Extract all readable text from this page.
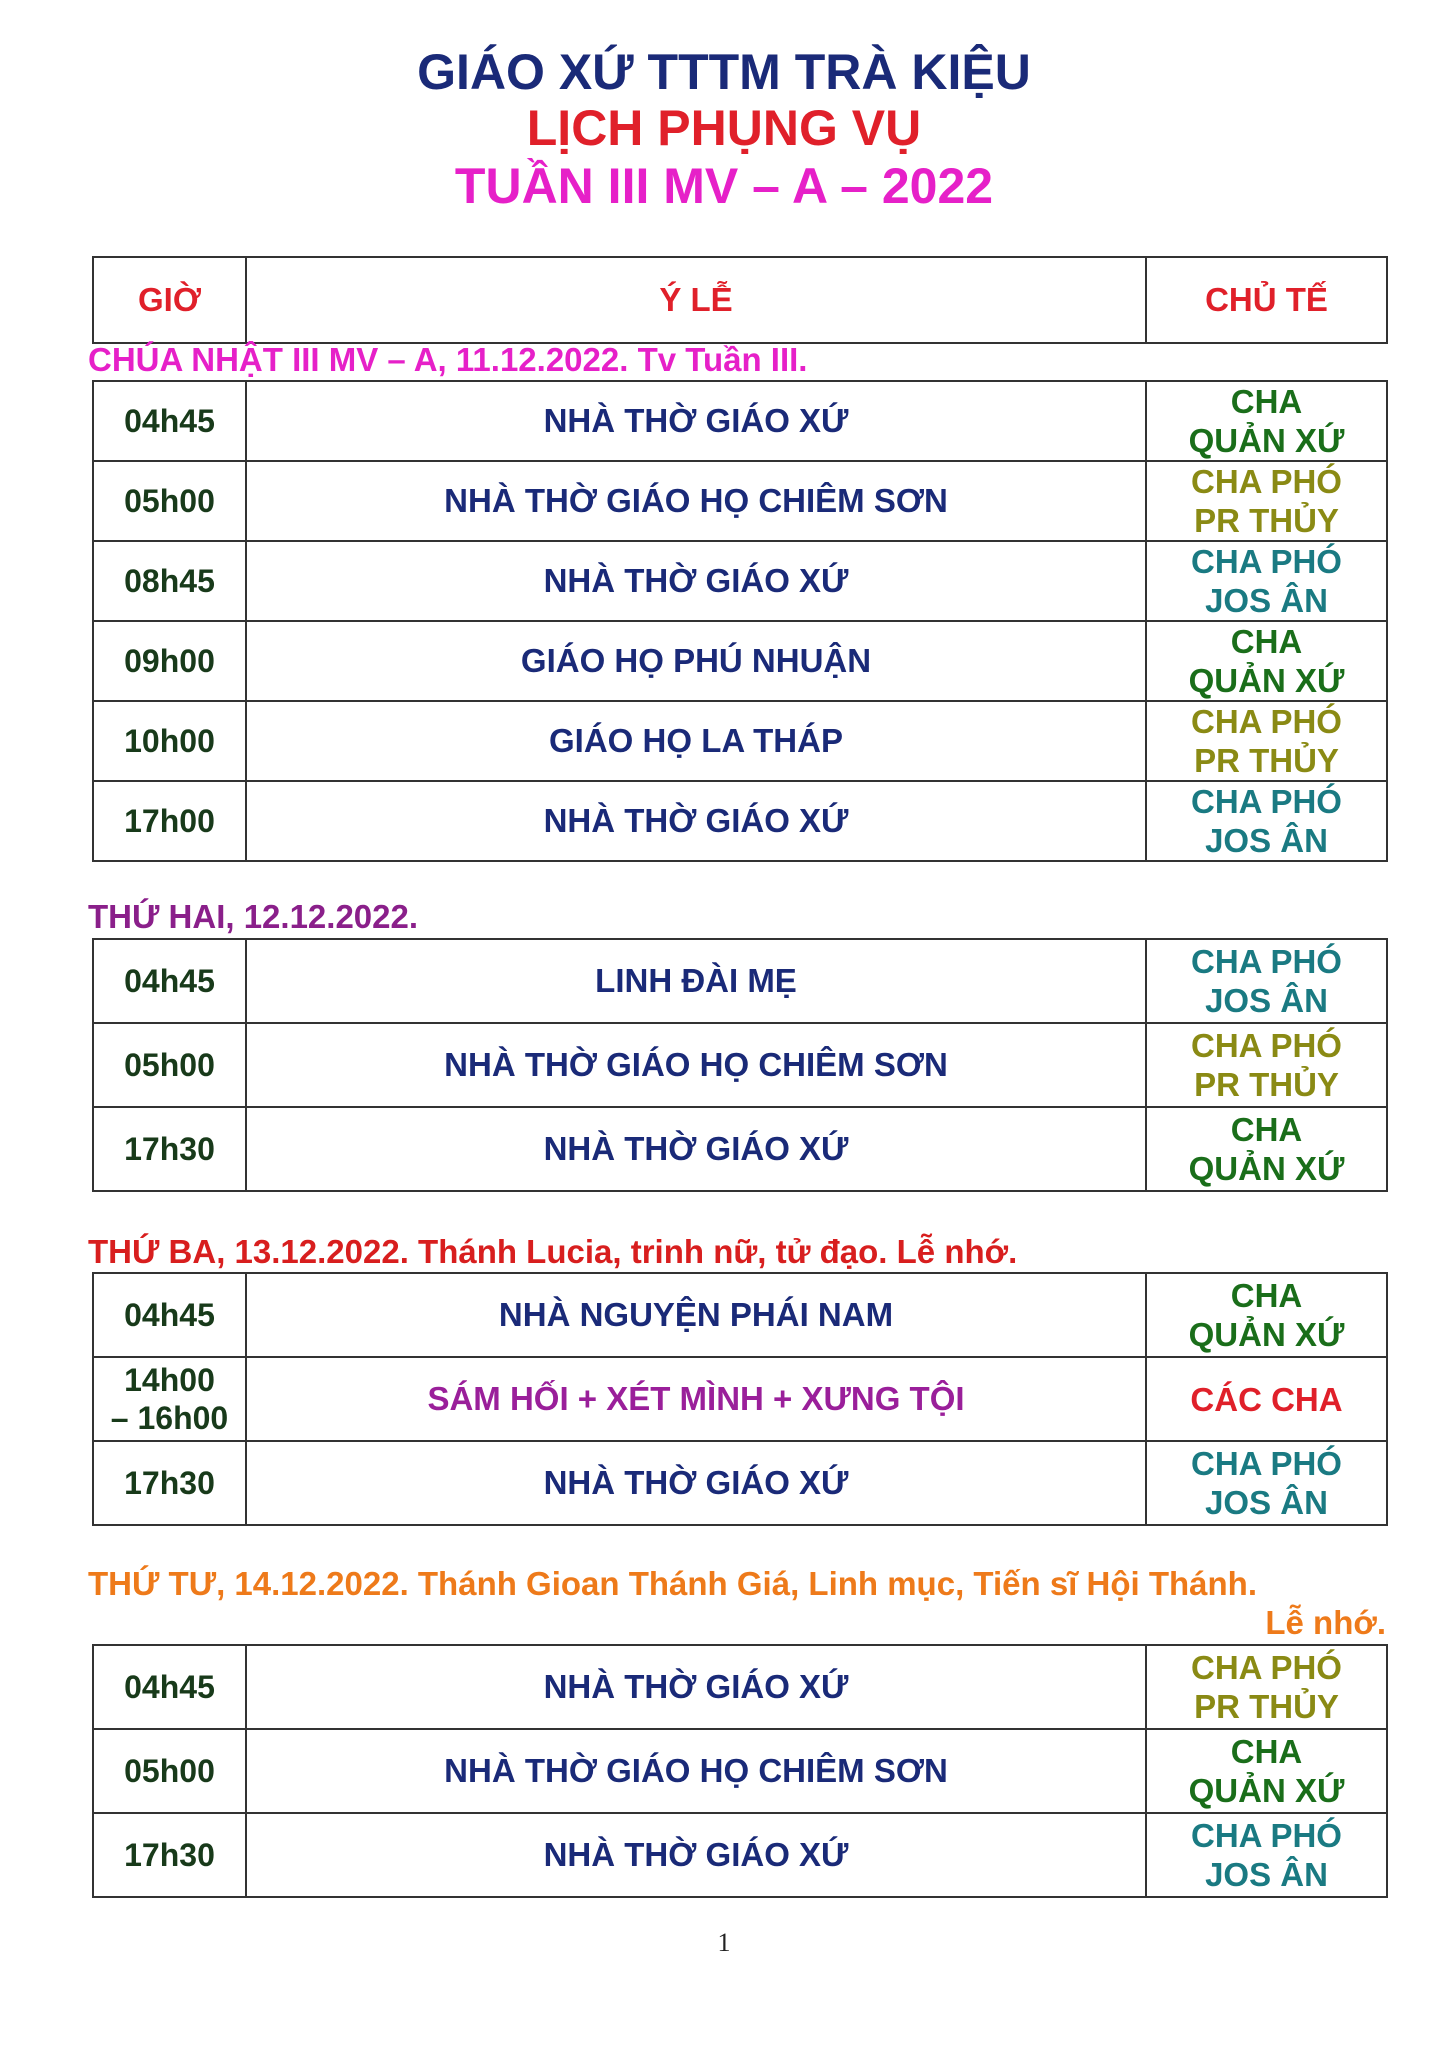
GIÁO XỨ TTTM TRÀ KIỆU
LỊCH PHỤNG VỤ
TUẦN III MV – A – 2022
GIỜ	Ý LỄ	CHỦ TẾ
CHÚA NHẬT III MV – A, 11.12.2022. Tv Tuần III.
04h45	NHÀ THỜ GIÁO XỨ	CHA
QUẢN XỨ

05h00	NHÀ THỜ GIÁO HỌ CHIÊM SƠN	CHA PHÓ
PR THỦY

08h45	NHÀ THỜ GIÁO XỨ	CHA PHÓ
JOS ÂN

09h00	GIÁO HỌ PHÚ NHUẬN	CHA
QUẢN XỨ

10h00	GIÁO HỌ LA THÁP	CHA PHÓ
PR THỦY

17h00	NHÀ THỜ GIÁO XỨ	CHA PHÓ
JOS ÂN
THỨ HAI, 12.12.2022.
04h45	LINH ĐÀI MẸ	CHA PHÓ
JOS ÂN

05h00	NHÀ THỜ GIÁO HỌ CHIÊM SƠN	CHA PHÓ
PR THỦY

17h30	NHÀ THỜ GIÁO XỨ	CHA
QUẢN XỨ
THỨ BA, 13.12.2022. Thánh Lucia, trinh nữ, tử đạo. Lễ nhớ.
04h45	NHÀ NGUYỆN PHÁI NAM	CHA
QUẢN XỨ

14h00
– 16h00	SÁM HỐI + XÉT MÌNH + XƯNG TỘI	CÁC CHA
17h30	NHÀ THỜ GIÁO XỨ	CHA PHÓ
JOS ÂN
THỨ TƯ, 14.12.2022. Thánh Gioan Thánh Giá, Linh mục, Tiến sĩ Hội Thánh.
Lễ nhớ.
04h45	NHÀ THỜ GIÁO XỨ	CHA PHÓ
PR THỦY

05h00	NHÀ THỜ GIÁO HỌ CHIÊM SƠN	CHA
QUẢN XỨ

17h30	NHÀ THỜ GIÁO XỨ	CHA PHÓ
JOS ÂN
1
